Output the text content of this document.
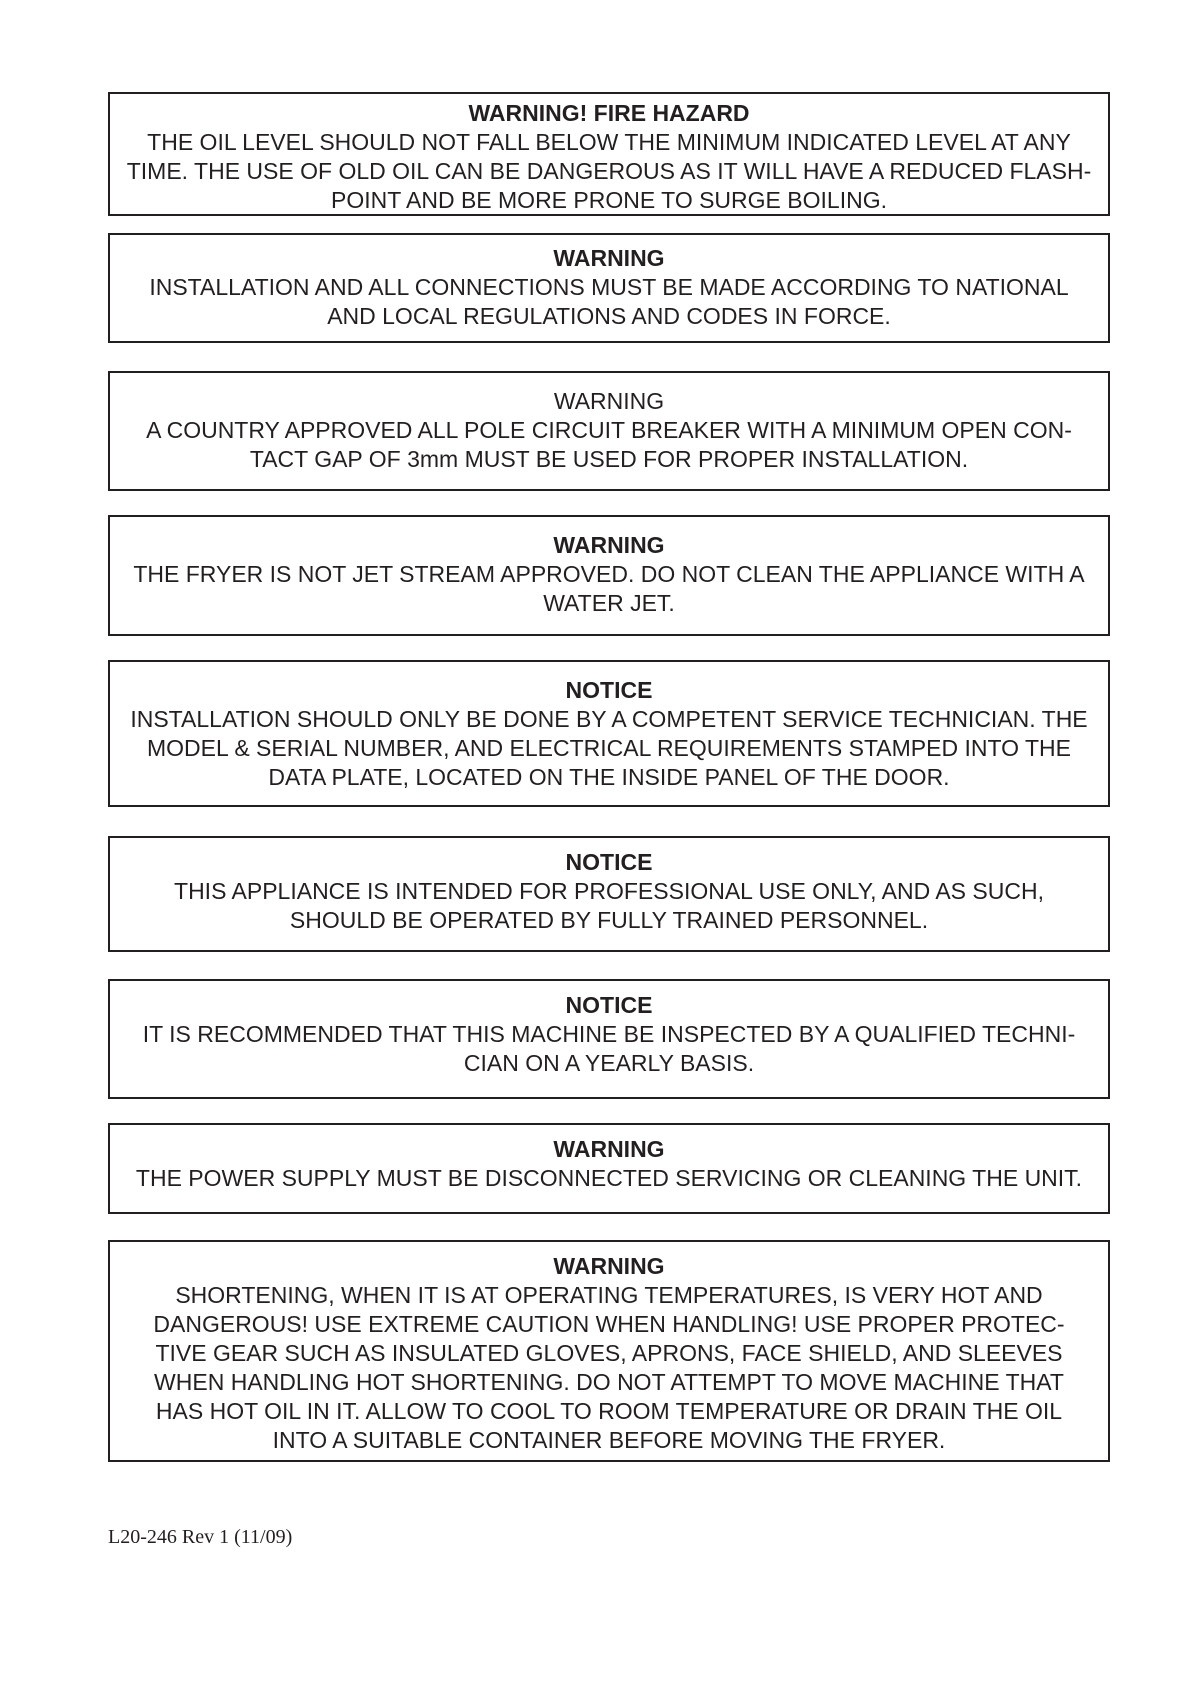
WARNING! FIRE HAZARD
THE OIL LEVEL SHOULD NOT FALL BELOW THE MINIMUM INDICATED LEVEL AT ANY
TIME. THE USE OF OLD OIL CAN BE DANGEROUS AS IT WILL HAVE A REDUCED FLASH-
POINT AND BE MORE PRONE TO SURGE BOILING.
WARNING
INSTALLATION AND ALL CONNECTIONS MUST BE MADE ACCORDING TO NATIONAL
AND LOCAL REGULATIONS AND CODES IN FORCE.
WARNING
A COUNTRY APPROVED ALL POLE CIRCUIT BREAKER WITH A MINIMUM OPEN CON-
TACT GAP OF 3mm MUST BE USED FOR PROPER INSTALLATION.
WARNING
THE FRYER IS NOT JET STREAM APPROVED. DO NOT CLEAN THE APPLIANCE WITH A
WATER JET.
NOTICE
INSTALLATION SHOULD ONLY BE DONE BY A COMPETENT SERVICE TECHNICIAN. THE
MODEL & SERIAL NUMBER, AND ELECTRICAL REQUIREMENTS STAMPED INTO THE
DATA PLATE, LOCATED ON THE INSIDE PANEL OF THE DOOR.
NOTICE
THIS APPLIANCE IS INTENDED FOR PROFESSIONAL USE ONLY, AND AS SUCH,
SHOULD BE OPERATED BY FULLY TRAINED PERSONNEL.
NOTICE
IT IS RECOMMENDED THAT THIS MACHINE BE INSPECTED BY A QUALIFIED TECHNI-
CIAN ON A YEARLY BASIS.
WARNING
THE POWER SUPPLY MUST BE DISCONNECTED SERVICING OR CLEANING THE UNIT.
WARNING
SHORTENING, WHEN IT IS AT OPERATING TEMPERATURES, IS VERY HOT AND
DANGEROUS! USE EXTREME CAUTION WHEN HANDLING! USE PROPER PROTEC-
TIVE GEAR SUCH AS INSULATED GLOVES, APRONS, FACE SHIELD, AND SLEEVES
WHEN HANDLING HOT SHORTENING. DO NOT ATTEMPT TO MOVE MACHINE THAT
HAS HOT OIL IN IT. ALLOW TO COOL TO ROOM TEMPERATURE OR DRAIN THE OIL
INTO A SUITABLE CONTAINER BEFORE MOVING THE FRYER.
L20-246 Rev 1 (11/09)
